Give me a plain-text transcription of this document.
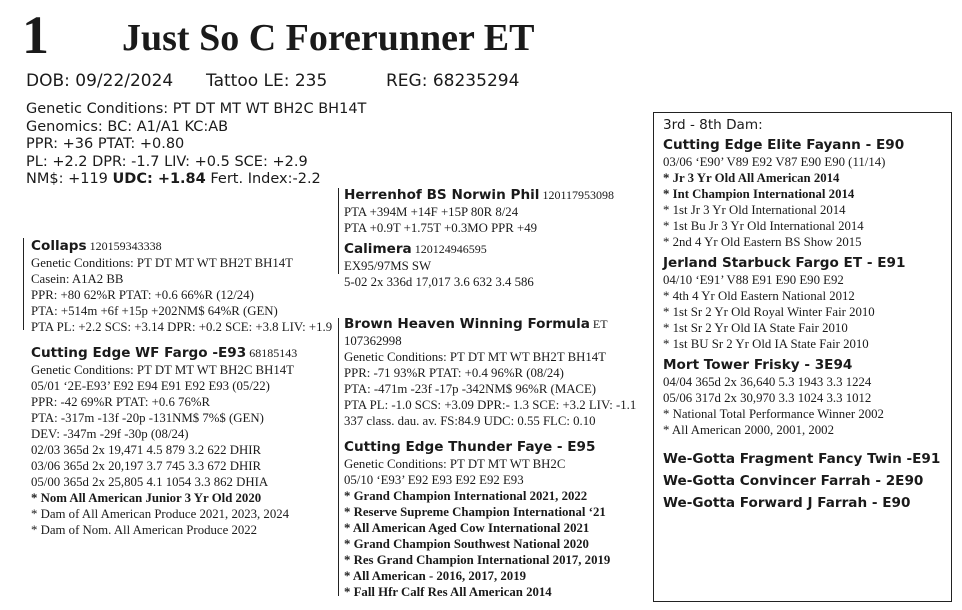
1 Just So C Forerunner ET
DOB: 09/22/2024 Tattoo LE: 235	REG: 68235294
Genetic Conditions: PT DT MT WT BH2C BH14T
Genomics: BC: A1/A1 KC:AB
PPR: +36 PTAT: +0.80
PL: +2.2 DPR: -1.7 LIV: +0.5 SCE: +2.9
NM$: +119 UDC: +1.84 Fert. Index:-2.2
Herrenhof BS Norwin Phil 120117953098
PTA +394M +14F +15P 80R 8/24
PTA +0.9T +1.75T +0.3MO PPR +49
Calimera 120124946595
EX95/97MS SW
5-02 2x 336d 17,017 3.6 632 3.4 586
Collaps 120159343338
Genetic Conditions: PT DT MT WT BH2T BH14T
Casein: A1A2 BB
PPR: +80 62%R PTAT: +0.6 66%R (12/24)
PTA: +514m +6f +15p +202NM$ 64%R (GEN)
PTA PL: +2.2 SCS: +3.14 DPR: +0.2 SCE: +3.8 LIV: +1.9
Cutting Edge WF Fargo -E93 68185143
Genetic Conditions: PT DT MT WT BH2C BH14T
05/01 ‘2E-E93’ E92 E94 E91 E92 E93 (05/22)
PPR: -42 69%R PTAT: +0.6 76%R
PTA: -317m -13f -20p -131NM$ 7%$ (GEN)
DEV: -347m -29f -30p (08/24)
02/03 365d 2x 19,471 4.5 879 3.2 622 DHIR
03/06 365d 2x 20,197 3.7 745 3.3 672 DHIR
05/00 365d 2x 25,805 4.1 1054 3.3 862 DHIA
* Nom All American Junior 3 Yr Old 2020
* Dam of All American Produce 2021, 2023, 2024
* Dam of Nom. All American Produce 2022
Brown Heaven Winning Formula ET
107362998
Genetic Conditions: PT DT MT WT BH2T BH14T
PPR: -71 93%R PTAT: +0.4 96%R (08/24)
PTA: -471m -23f -17p -342NM$ 96%R (MACE)
PTA PL: -1.0 SCS: +3.09 DPR:- 1.3 SCE: +3.2 LIV: -1.1
337 class. dau. av. FS:84.9 UDC: 0.55 FLC: 0.10
Cutting Edge Thunder Faye - E95
Genetic Conditions: PT DT MT WT BH2C
05/10 ‘E93’ E92 E93 E92 E92 E93
* Grand Champion International 2021, 2022
* Reserve Supreme Champion International ‘21
* All American Aged Cow International 2021
* Grand Champion Southwest National 2020
* Res Grand Champion International 2017, 2019
* All American - 2016, 2017, 2019
* Fall Hfr Calf Res All American 2014
3rd - 8th Dam:
Cutting Edge Elite Fayann - E90
03/06 ‘E90’ V89 E92 V87 E90 E90 (11/14)
* Jr 3 Yr Old All American 2014
* Int Champion International 2014
* 1st Jr 3 Yr Old International 2014
* 1st Bu Jr 3 Yr Old International 2014
* 2nd 4 Yr Old Eastern BS Show 2015
Jerland Starbuck Fargo ET - E91
04/10 ‘E91’ V88 E91 E90 E90 E92
* 4th 4 Yr Old Eastern National 2012
* 1st Sr 2 Yr Old Royal Winter Fair 2010
* 1st Sr 2 Yr Old IA State Fair 2010
* 1st BU Sr 2 Yr Old IA State Fair 2010
Mort Tower Frisky - 3E94
04/04 365d 2x 36,640 5.3 1943 3.3 1224
05/06 317d 2x 30,970 3.3 1024 3.3 1012
* National Total Performance Winner 2002
* All American 2000, 2001, 2002
We-Gotta Fragment Fancy Twin -E91
We-Gotta Convincer Farrah - 2E90
We-Gotta Forward J Farrah - E90
